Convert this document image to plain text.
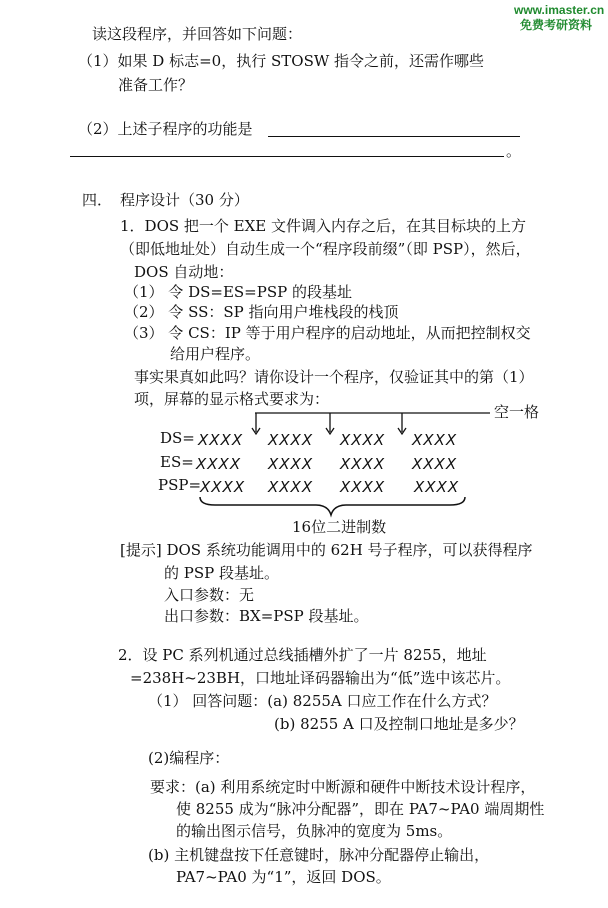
www.imaster.cn
免费考研资料
读这段程序，并回答如下问题：
（1）如果 D 标志=0，执行 STOSW 指令之前，还需作哪些
准备工作？
（2）上述子程序的功能是
。
四． 程序设计（30 分）
1．DOS 把一个 EXE 文件调入内存之后，在其目标块的上方
（即低地址处）自动生成一个“程序段前缀”（即 PSP），然后，
DOS 自动地：
（1） 令 DS=ES=PSP 的段基址
（2） 令 SS：SP 指向用户堆栈段的栈顶
（3） 令 CS：IP 等于用户程序的启动地址，从而把控制权交
给用户程序。
事实果真如此吗？请你设计一个程序，仅验证其中的第（1）
项，屏幕的显示格式要求为：
空一格
DS= XXXX XXXX XXXX XXXX
ES= XXXX XXXX XXXX XXXX
PSP=
XXXX XXXX XXXX XXXX
16位二进制数
[提示] DOS 系统功能调用中的 62H 号子程序，可以获得程序
的 PSP 段基址。
入口参数：无
出口参数：BX=PSP 段基址。
2．设 PC 系列机通过总线插槽外扩了一片 8255，地址
=238H~23BH，口地址译码器输出为“低”选中该芯片。
（1） 回答问题：(a) 8255A 口应工作在什么方式？
(b) 8255 A 口及控制口地址是多少？
(2)编程序：
要求：(a) 利用系统定时中断源和硬件中断技术设计程序，
使 8255 成为“脉冲分配器”，即在 PA7~PA0 端周期性
的输出图示信号，负脉冲的宽度为 5ms。
(b) 主机键盘按下任意键时，脉冲分配器停止输出，
PA7~PA0 为“1”，返回 DOS。
